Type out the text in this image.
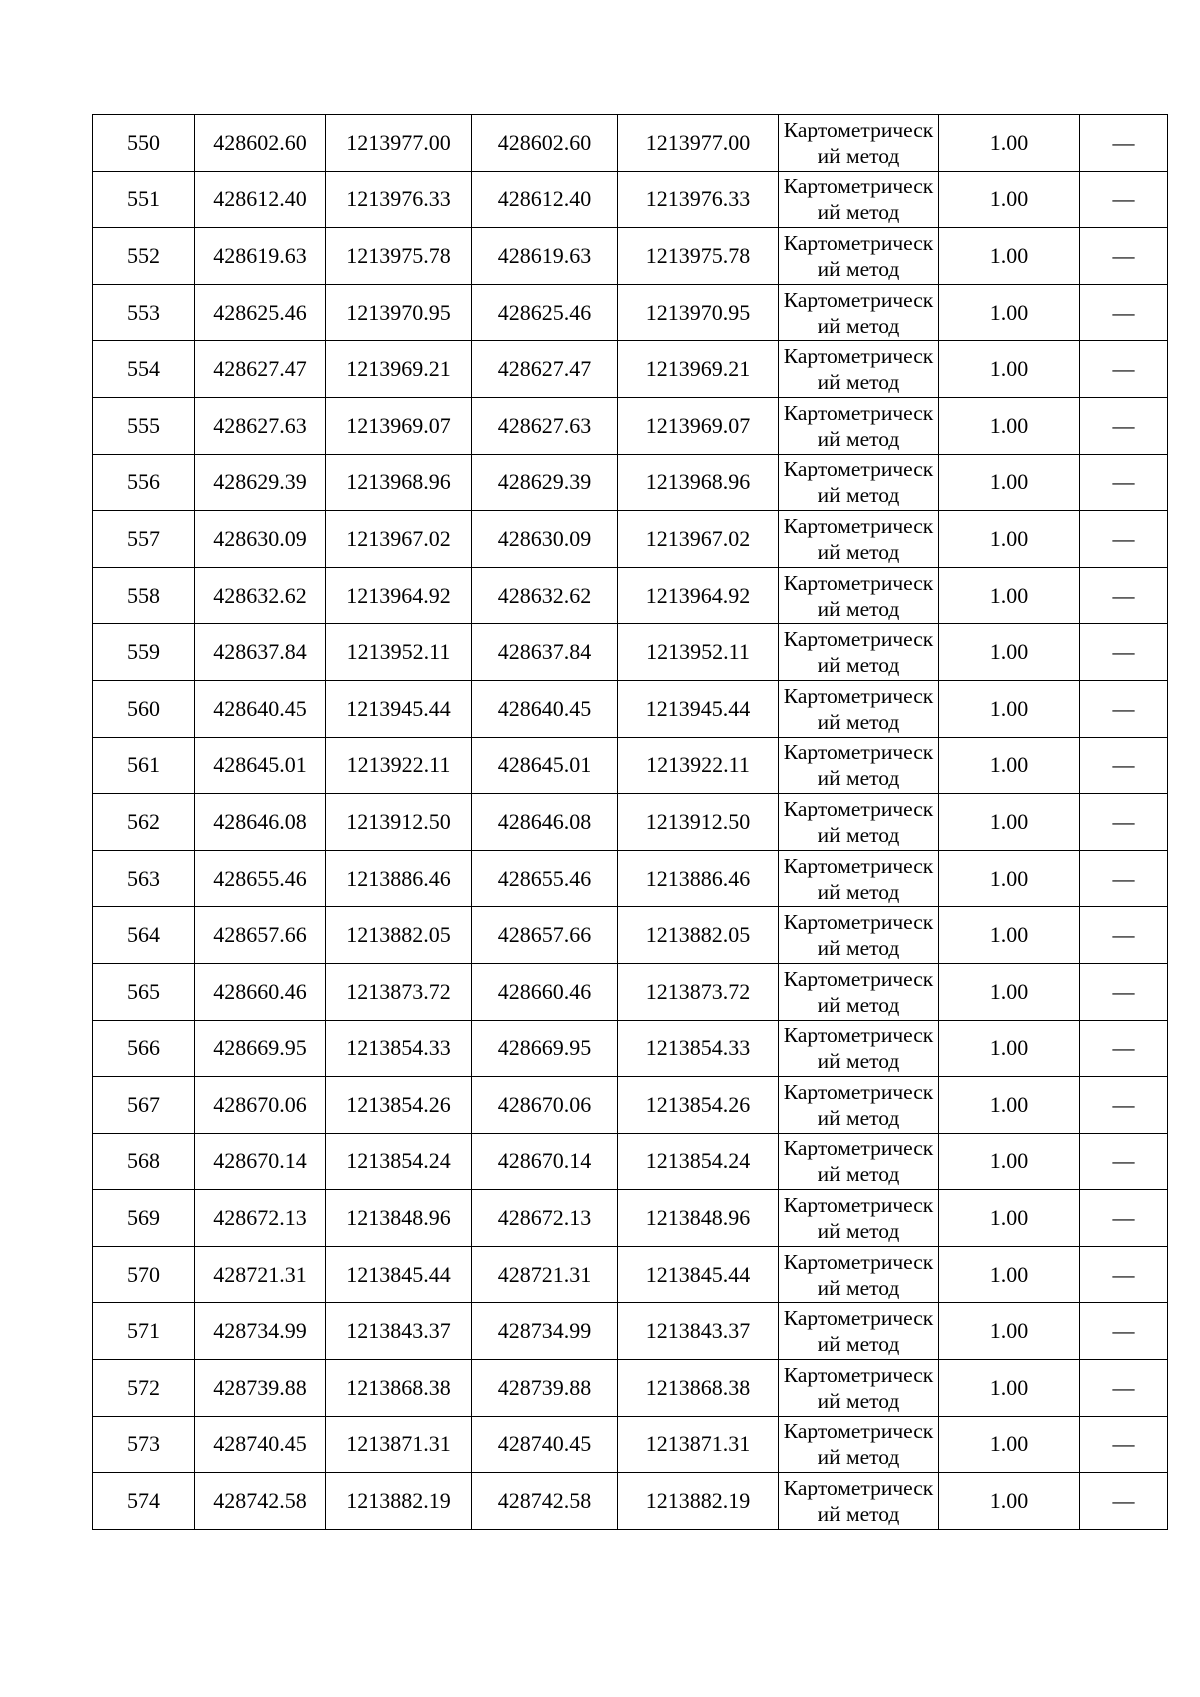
550	428602.60	1213977.00	428602.60	1213977.00	Картометрический метод	1.00	—
551	428612.40	1213976.33	428612.40	1213976.33	Картометрический метод	1.00	—
552	428619.63	1213975.78	428619.63	1213975.78	Картометрический метод	1.00	—
553	428625.46	1213970.95	428625.46	1213970.95	Картометрический метод	1.00	—
554	428627.47	1213969.21	428627.47	1213969.21	Картометрический метод	1.00	—
555	428627.63	1213969.07	428627.63	1213969.07	Картометрический метод	1.00	—
556	428629.39	1213968.96	428629.39	1213968.96	Картометрический метод	1.00	—
557	428630.09	1213967.02	428630.09	1213967.02	Картометрический метод	1.00	—
558	428632.62	1213964.92	428632.62	1213964.92	Картометрический метод	1.00	—
559	428637.84	1213952.11	428637.84	1213952.11	Картометрический метод	1.00	—
560	428640.45	1213945.44	428640.45	1213945.44	Картометрический метод	1.00	—
561	428645.01	1213922.11	428645.01	1213922.11	Картометрический метод	1.00	—
562	428646.08	1213912.50	428646.08	1213912.50	Картометрический метод	1.00	—
563	428655.46	1213886.46	428655.46	1213886.46	Картометрический метод	1.00	—
564	428657.66	1213882.05	428657.66	1213882.05	Картометрический метод	1.00	—
565	428660.46	1213873.72	428660.46	1213873.72	Картометрический метод	1.00	—
566	428669.95	1213854.33	428669.95	1213854.33	Картометрический метод	1.00	—
567	428670.06	1213854.26	428670.06	1213854.26	Картометрический метод	1.00	—
568	428670.14	1213854.24	428670.14	1213854.24	Картометрический метод	1.00	—
569	428672.13	1213848.96	428672.13	1213848.96	Картометрический метод	1.00	—
570	428721.31	1213845.44	428721.31	1213845.44	Картометрический метод	1.00	—
571	428734.99	1213843.37	428734.99	1213843.37	Картометрический метод	1.00	—
572	428739.88	1213868.38	428739.88	1213868.38	Картометрический метод	1.00	—
573	428740.45	1213871.31	428740.45	1213871.31	Картометрический метод	1.00	—
574	428742.58	1213882.19	428742.58	1213882.19	Картометрический метод	1.00	—
